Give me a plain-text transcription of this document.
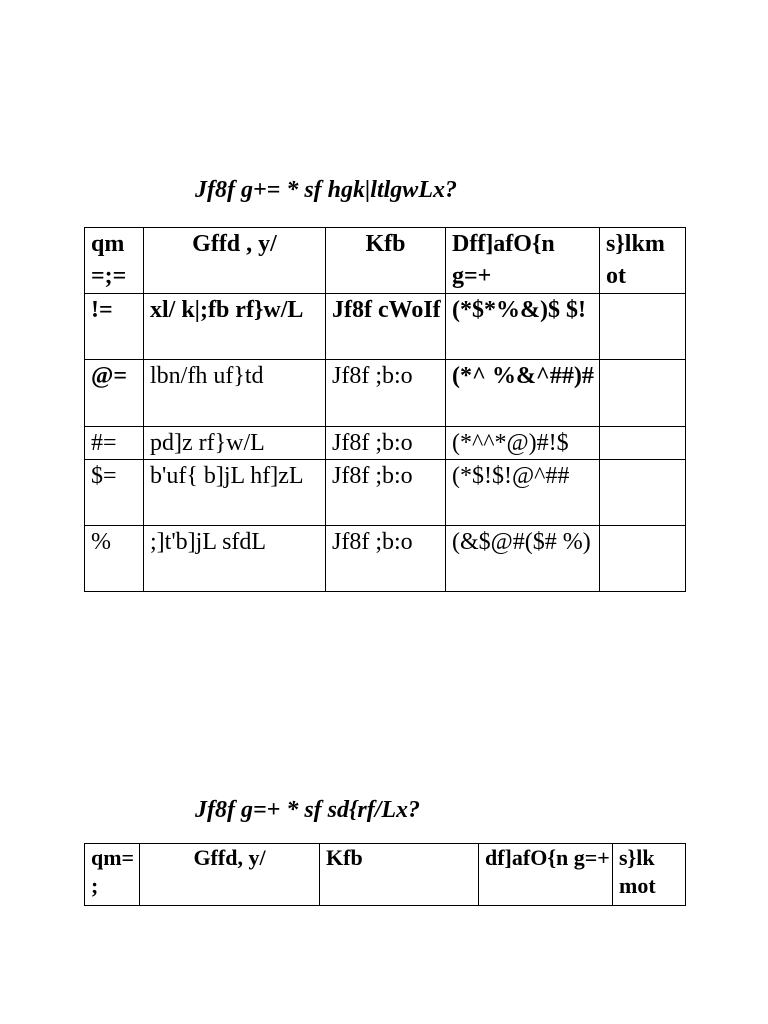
Jf8f g+= * sf hgk|ltlgwLx?
qm =;=	Gffd , y/	Kfb	Dff]afO{n g=+	s}lkm ot
!=	xl/ k|;fb rf}w/L	Jf8f cWoIf	(*$*%&)$ $!	
@=	lbn/fh uf}td	Jf8f ;b:o	(*^ %&^##)#	
#=	pd]z rf}w/L	Jf8f ;b:o	(*^^*@)#!$	
$=	b'uf{ b]jL hf]zL	Jf8f ;b:o	(*$!$!@^##	
%	;]t'b]jL sfdL	Jf8f ;b:o	(&$@#($# %)	
Jf8f g=+ * sf sd{rf/Lx?
qm= ;	Gffd, y/	Kfb	df]afO{n g=+	s}lk mot
